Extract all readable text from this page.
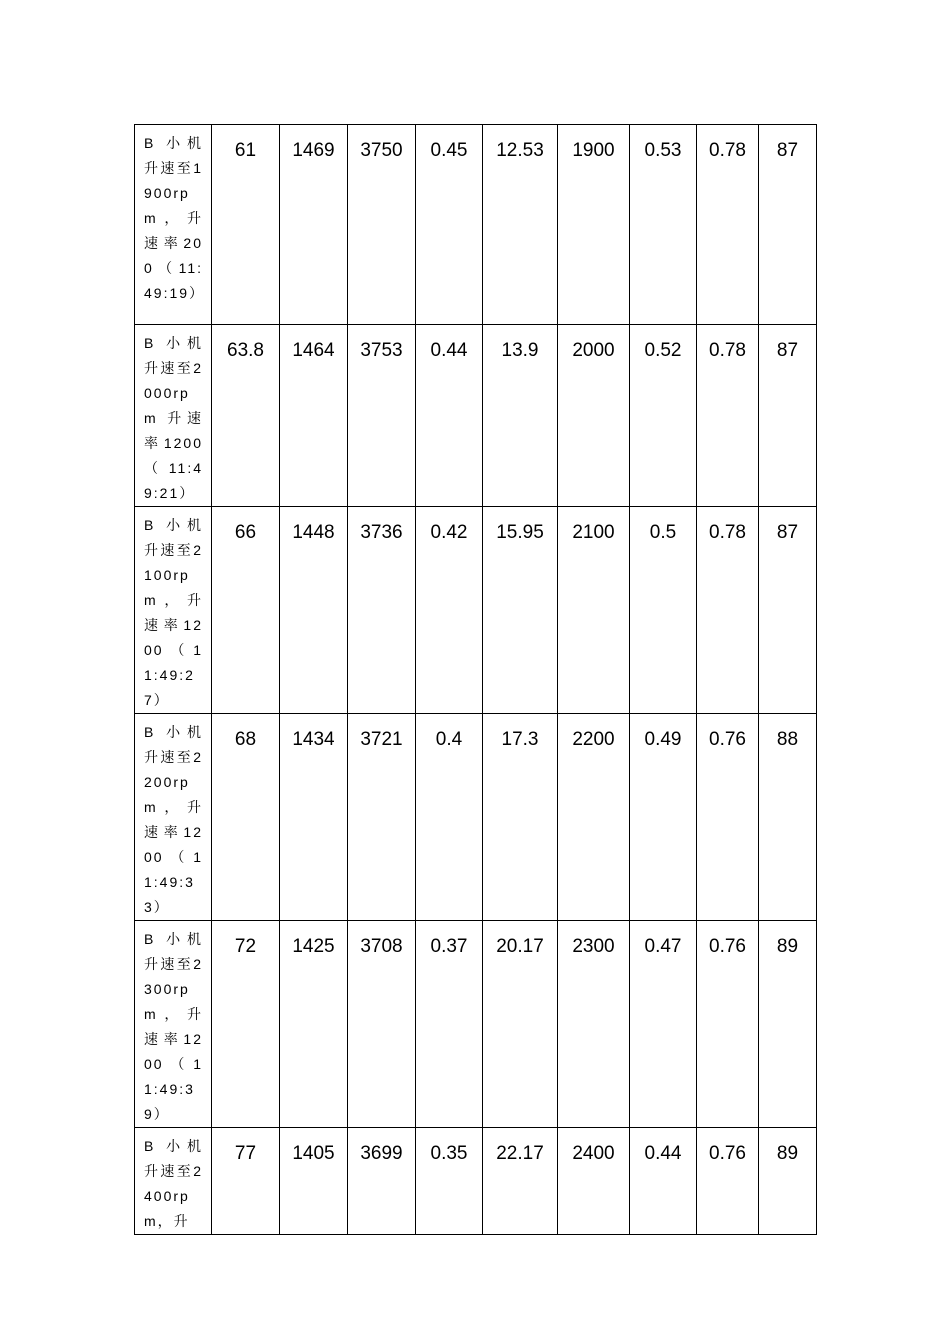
B 小机升速至1900rpm，升速率200（11:49:19）	61	1469	3750	0.45	12.53	1900	0.53	0.78	87
B 小机升速至2000rpm 升速率1200（11:49:21）	63.8	1464	3753	0.44	13.9	2000	0.52	0.78	87
B 小机升速至2100rpm，升速率1200（11:49:27）	66	1448	3736	0.42	15.95	2100	0.5	0.78	87
B 小机升速至2200rpm，升速率1200（11:49:33）	68	1434	3721	0.4	17.3	2200	0.49	0.76	88
B 小机升速至2300rpm，升速率1200（11:49:39）	72	1425	3708	0.37	20.17	2300	0.47	0.76	89
B 小机升速至2400rpm，升	77	1405	3699	0.35	22.17	2400	0.44	0.76	89
